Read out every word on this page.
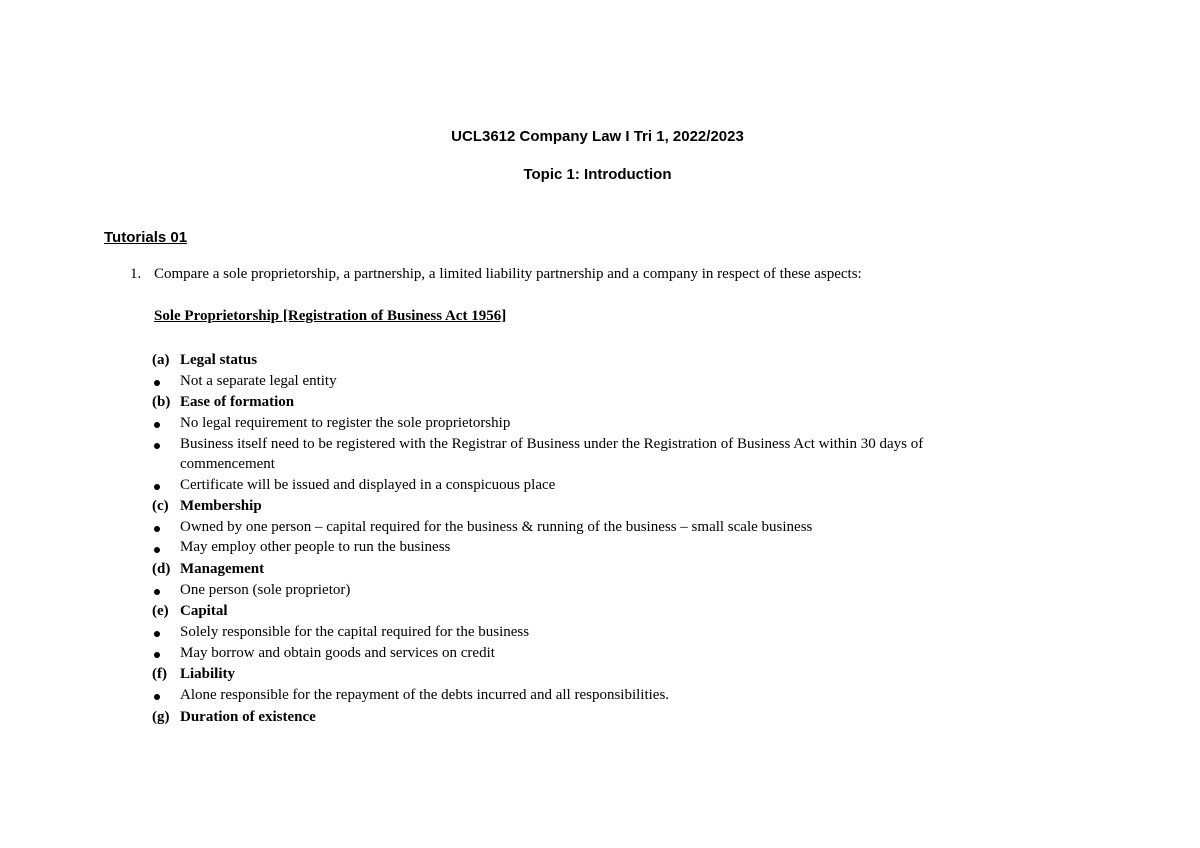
UCL3612 Company Law I Tri 1, 2022/2023
Topic 1: Introduction
Tutorials 01
1. Compare a sole proprietorship, a partnership, a limited liability partnership and a company in respect of these aspects:
Sole Proprietorship [Registration of Business Act 1956]
(a) Legal status
Not a separate legal entity
(b) Ease of formation
No legal requirement to register the sole proprietorship
Business itself need to be registered with the Registrar of Business under the Registration of Business Act within 30 days of
commencement
Certificate will be issued and displayed in a conspicuous place
(c) Membership
Owned by one person – capital required for the business & running of the business – small scale business
May employ other people to run the business
(d) Management
One person (sole proprietor)
(e) Capital
Solely responsible for the capital required for the business
May borrow and obtain goods and services on credit
(f) Liability
Alone responsible for the repayment of the debts incurred and all responsibilities.
(g) Duration of existence
